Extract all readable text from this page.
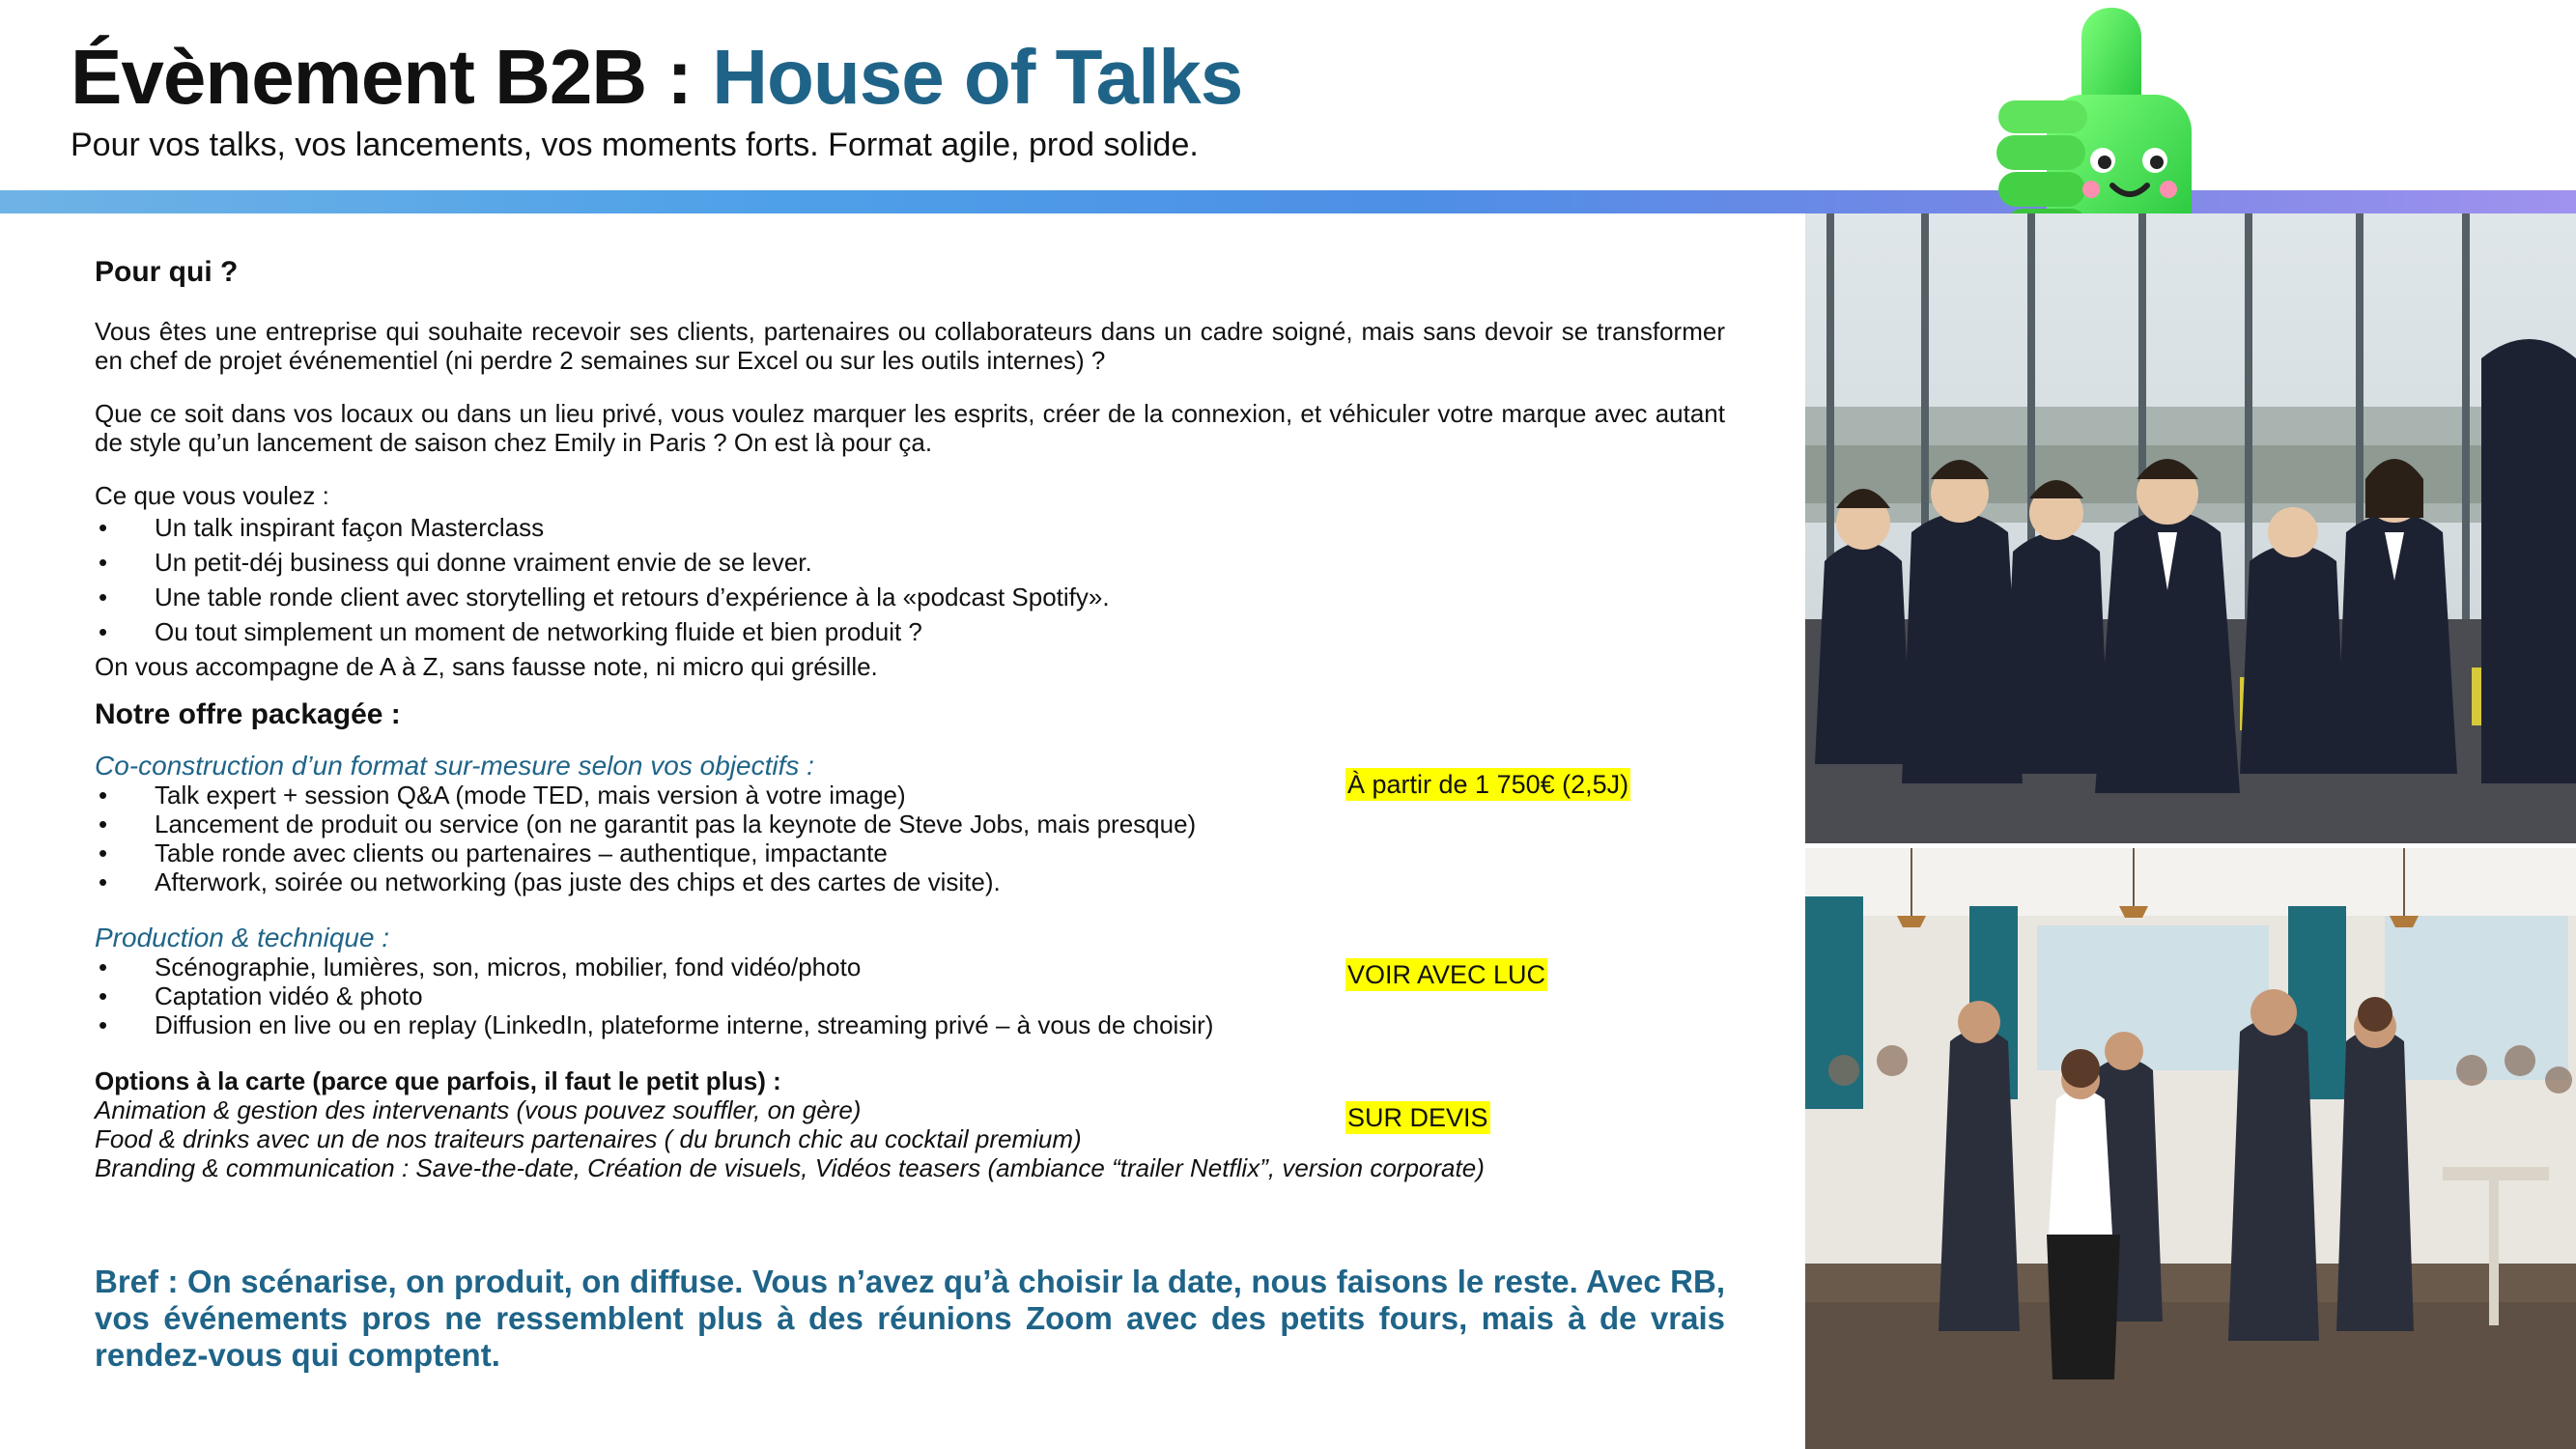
Évènement B2B : House of Talks
Pour vos talks, vos lancements, vos moments forts. Format agile, prod solide.
Pour qui ?
Vous êtes une entreprise qui souhaite recevoir ses clients, partenaires ou collaborateurs dans un cadre soigné, mais sans devoir se transformer en chef de projet événementiel (ni perdre 2 semaines sur Excel ou sur les outils internes) ?
Que ce soit dans vos locaux ou dans un lieu privé, vous voulez marquer les esprits, créer de la connexion, et véhiculer votre marque avec autant de style qu’un lancement de saison chez Emily in Paris ? On est là pour ça.
Ce que vous voulez :
• Un talk inspirant façon Masterclass
• Un petit-déj business qui donne vraiment envie de se lever.
• Une table ronde client avec storytelling et retours d’expérience à la «podcast Spotify».
• Ou tout simplement un moment de networking fluide et bien produit ?
On vous accompagne de A à Z, sans fausse note, ni micro qui grésille.
Notre offre packagée :
Co-construction d’un format sur-mesure selon vos objectifs :
• Talk expert + session Q&A (mode TED, mais version à votre image)
• Lancement de produit ou service (on ne garantit pas la keynote de Steve Jobs, mais presque)
• Table ronde avec clients ou partenaires – authentique, impactante
• Afterwork, soirée ou networking (pas juste des chips et des cartes de visite).
Production & technique :
• Scénographie, lumières, son, micros, mobilier, fond vidéo/photo
• Captation vidéo & photo
• Diffusion en live ou en replay (LinkedIn, plateforme interne, streaming privé – à vous de choisir)
Options à la carte (parce que parfois, il faut le petit plus) :
Animation & gestion des intervenants (vous pouvez souffler, on gère)
Food & drinks avec un de nos traiteurs partenaires ( du brunch chic au cocktail premium)
Branding & communication : Save-the-date, Création de visuels, Vidéos teasers (ambiance “trailer Netflix”, version corporate)
À partir de 1 750€ (2,5J)
VOIR AVEC LUC
SUR DEVIS
Bref : On scénarise, on produit, on diffuse. Vous n’avez qu’à choisir la date, nous faisons le reste. Avec RB, vos événements pros ne ressemblent plus à des réunions Zoom avec des petits fours, mais à de vrais rendez-vous qui comptent.
